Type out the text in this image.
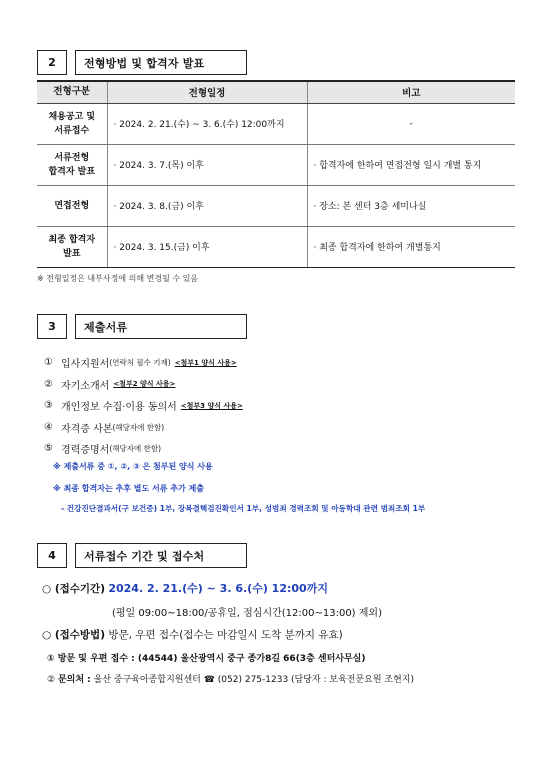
2	전형방법 및 합격자 발표
전형구분	전형일정	비고
채용공고 및
서류접수	· 2024. 2. 21.(수) ~ 3. 6.(수) 12:00까지	-
서류전형
합격자 발표	· 2024. 3. 7.(목) 이후	· 합격자에 한하여 면접전형 일시 개별 통지
면접전형	· 2024. 3. 8.(금) 이후	· 장소: 본 센터 3층 세미나실
최종 합격자
발표	· 2024. 3. 15.(금) 이후	· 최종 합격자에 한하여 개별통지
※ 전형일정은 내부사정에 의해 변경될 수 있음
3	제출서류
① 입사지원서 (연락처 필수 기재) <첨부1 양식 사용>
② 자기소개서 <첨부2 양식 사용>
③ 개인정보 수집·이용 동의서 <첨부3 양식 사용>
④ 자격증 사본 (해당자에 한함)
⑤ 경력증명서 (해당자에 한함)
※ 제출서류 중 ①, ②, ③ 은 첨부된 양식 사용
※ 최종 합격자는 추후 별도 서류 추가 제출
- 건강진단결과서(구 보건증) 1부, 장복결핵검진확인서 1부, 성범죄 경력조회 및 아동학대 관련 범죄조회 1부
4	서류접수 기간 및 접수처
○ (접수기간) 2024. 2. 21.(수) ~ 3. 6.(수) 12:00까지
(평일 09:00~18:00/공휴일, 점심시간(12:00~13:00) 제외)
○ (접수방법) 방문, 우편 접수(접수는 마감일시 도착 분까지 유효)
① 방문 및 우편 접수 : (44544) 울산광역시 중구 종가8길 66(3층 센터사무실)
② 문의처 : 울산 중구육아종합지원센터 ☎ (052) 275-1233 (담당자 : 보육전문요원 조현지)
